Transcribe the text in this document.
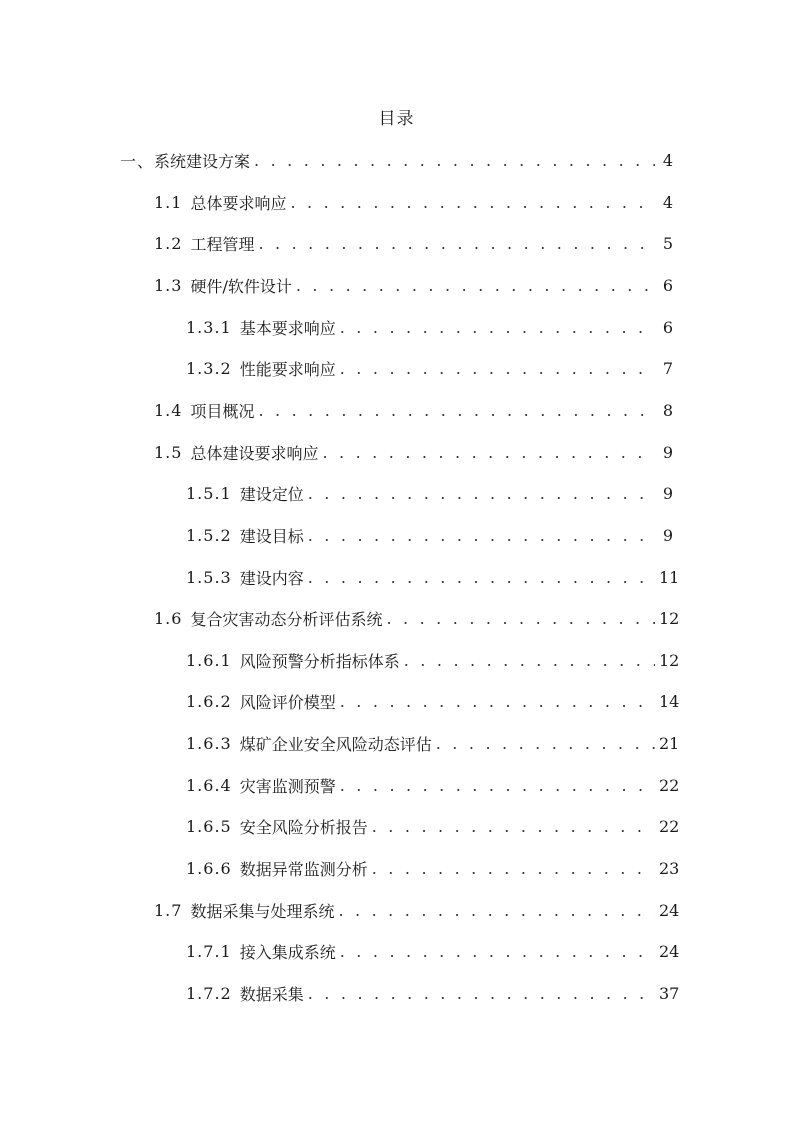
目录
一、 系统建设方案 . . .	4
1.1 总体要求响应 . . .	4
1.2 工程管理 . . .	5
1.3 硬件/软件设计 . . .	6
1.3.1 基本要求响应 . . .	6
1.3.2 性能要求响应 . . .	7
1.4 项目概况 . . .	8
1.5 总体建设要求响应 . . .	9
1.5.1 建设定位 . . .	9
1.5.2 建设目标 . . .	9
1.5.3 建设内容 . . .	11
1.6 复合灾害动态分析评估系统 . . .	12
1.6.1 风险预警分析指标体系 . . .	12
1.6.2 风险评价模型 . . .	14
1.6.3 煤矿企业安全风险动态评估 . . .	21
1.6.4 灾害监测预警 . . .	22
1.6.5 安全风险分析报告 . . .	22
1.6.6 数据异常监测分析 . . .	23
1.7 数据采集与处理系统 . . .	24
1.7.1 接入集成系统 . . .	24
1.7.2 数据采集 . . .	37
